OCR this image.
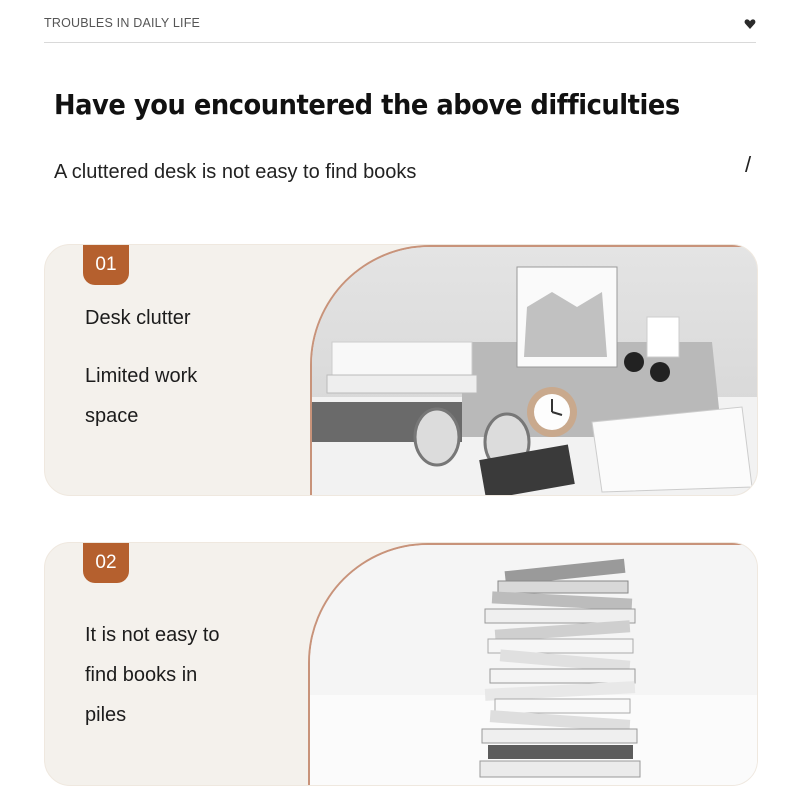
TROUBLES IN DAILY LIFE
Have you encountered the above difficulties
A cluttered desk is not easy to find books	/
01
Desk clutter
Limited work
space
02
It is not easy to
find books in
piles
